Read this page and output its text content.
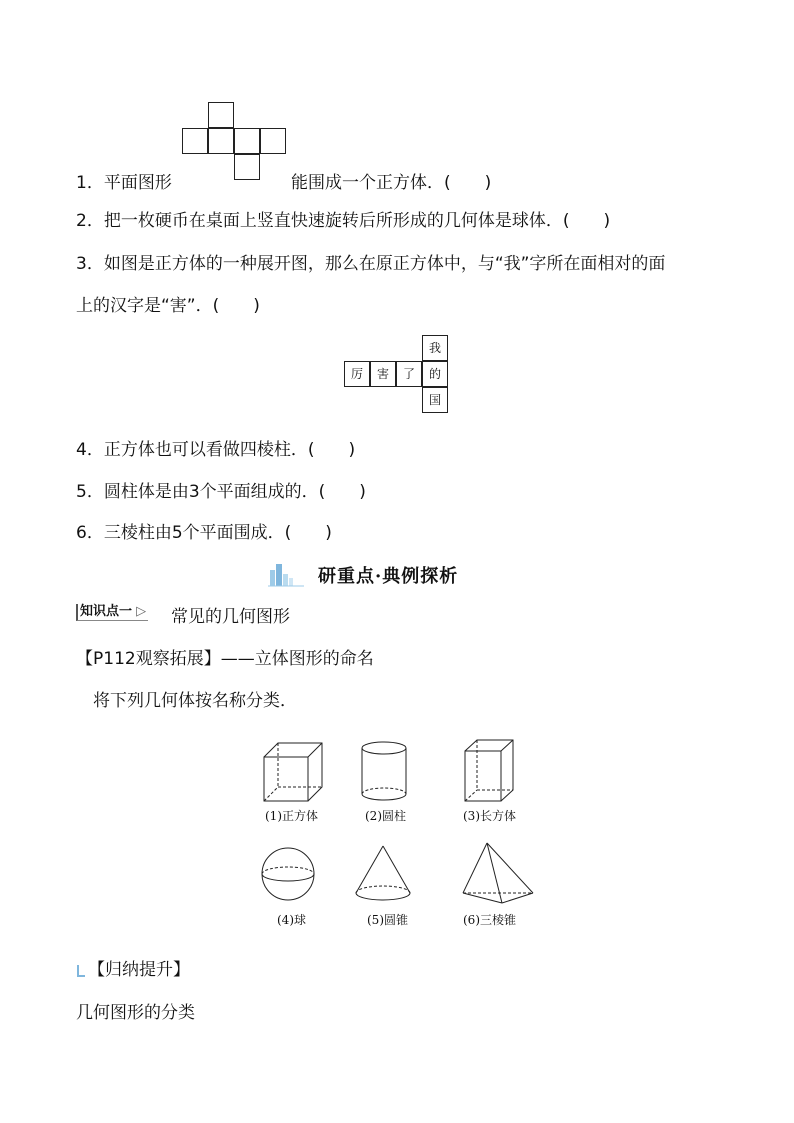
1．平面图形	能围成一个正方体．(　　)
2．把一枚硬币在桌面上竖直快速旋转后所形成的几何体是球体．(　　)
3．如图是正方体的一种展开图，那么在原正方体中，与“我”字所在面相对的面
上的汉字是“害”．(　　)
我
厉	害	了	的
国
4．正方体也可以看做四棱柱．(　　)
5．圆柱体是由3个平面组成的．(　　)
6．三棱柱由5个平面围成．(　　)
研重点·典例探析
知识点一 ▷ 常见的几何图形
【P112观察拓展】——立体图形的命名
将下列几何体按名称分类．
(1)正方体	(2)圆柱	(3)长方体
(4)球	(5)圆锥	(6)三棱锥
【归纳提升】
几何图形的分类
